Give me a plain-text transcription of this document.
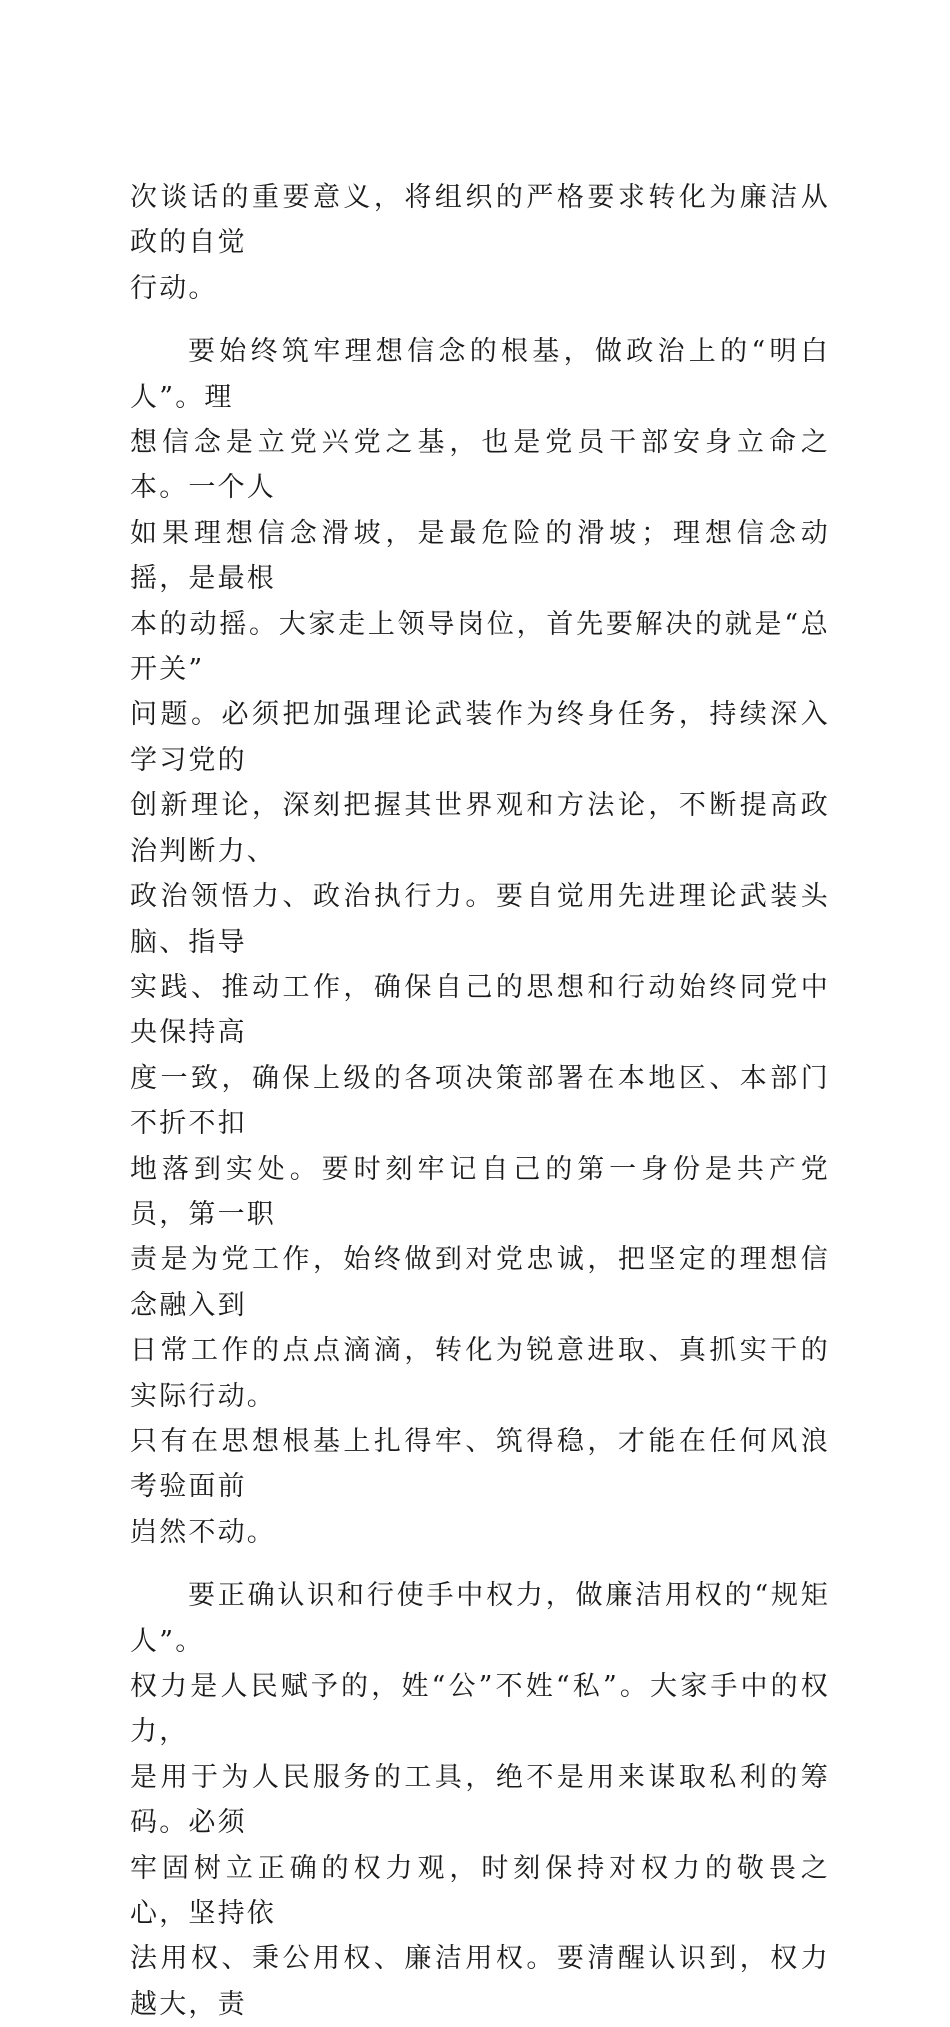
次谈话的重要意义，将组织的严格要求转化为廉洁从政的自觉
行动。

要始终筑牢理想信念的根基，做政治上的“明白人”。理
想信念是立党兴党之基，也是党员干部安身立命之本。一个人
如果理想信念滑坡，是最危险的滑坡；理想信念动摇，是最根
本的动摇。大家走上领导岗位，首先要解决的就是“总开关”
问题。必须把加强理论武装作为终身任务，持续深入学习党的
创新理论，深刻把握其世界观和方法论，不断提高政治判断力、
政治领悟力、政治执行力。要自觉用先进理论武装头脑、指导
实践、推动工作，确保自己的思想和行动始终同党中央保持高
度一致，确保上级的各项决策部署在本地区、本部门不折不扣
地落到实处。要时刻牢记自己的第一身份是共产党员，第一职
责是为党工作，始终做到对党忠诚，把坚定的理想信念融入到
日常工作的点点滴滴，转化为锐意进取、真抓实干的实际行动。
只有在思想根基上扎得牢、筑得稳，才能在任何风浪考验面前
岿然不动。

要正确认识和行使手中权力，做廉洁用权的“规矩人”。
权力是人民赋予的，姓“公”不姓“私”。大家手中的权力，
是用于为人民服务的工具，绝不是用来谋取私利的筹码。必须
牢固树立正确的权力观，时刻保持对权力的敬畏之心，坚持依
法用权、秉公用权、廉洁用权。要清醒认识到，权力越大，责
